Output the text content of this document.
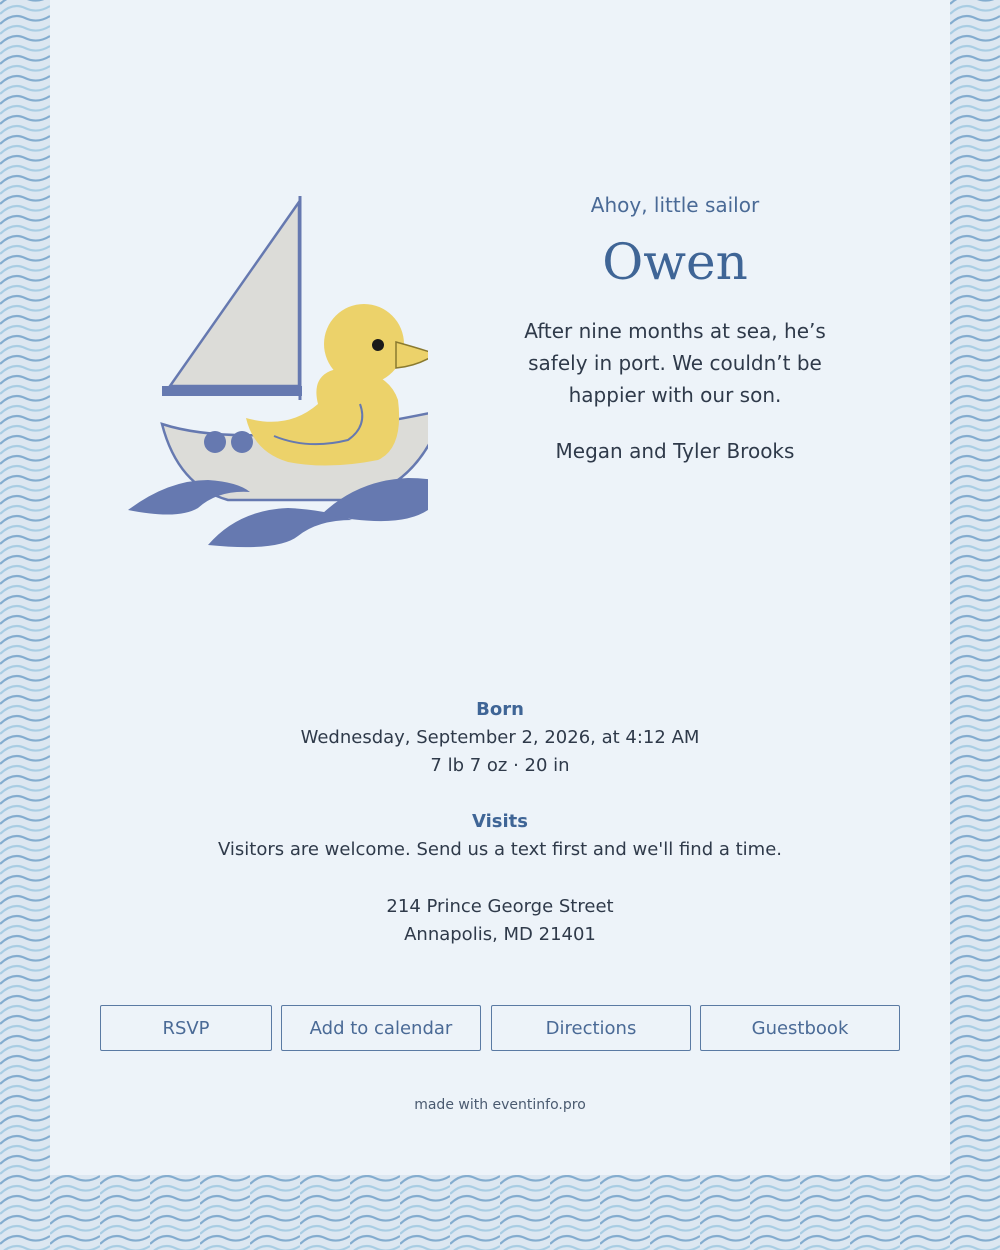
Ahoy, little sailor
Owen
After nine months at sea, he’s safely in port. We couldn’t be happier with our son.
Megan and Tyler Brooks
Born
Wednesday, September 2, 2026, at 4:12 AM
7 lb 7 oz · 20 in
Visits
Visitors are welcome. Send us a text first and we'll find a time.
214 Prince George Street
Annapolis, MD 21401
RSVP	Add to calendar	Directions	Guestbook
made with eventinfo.pro
